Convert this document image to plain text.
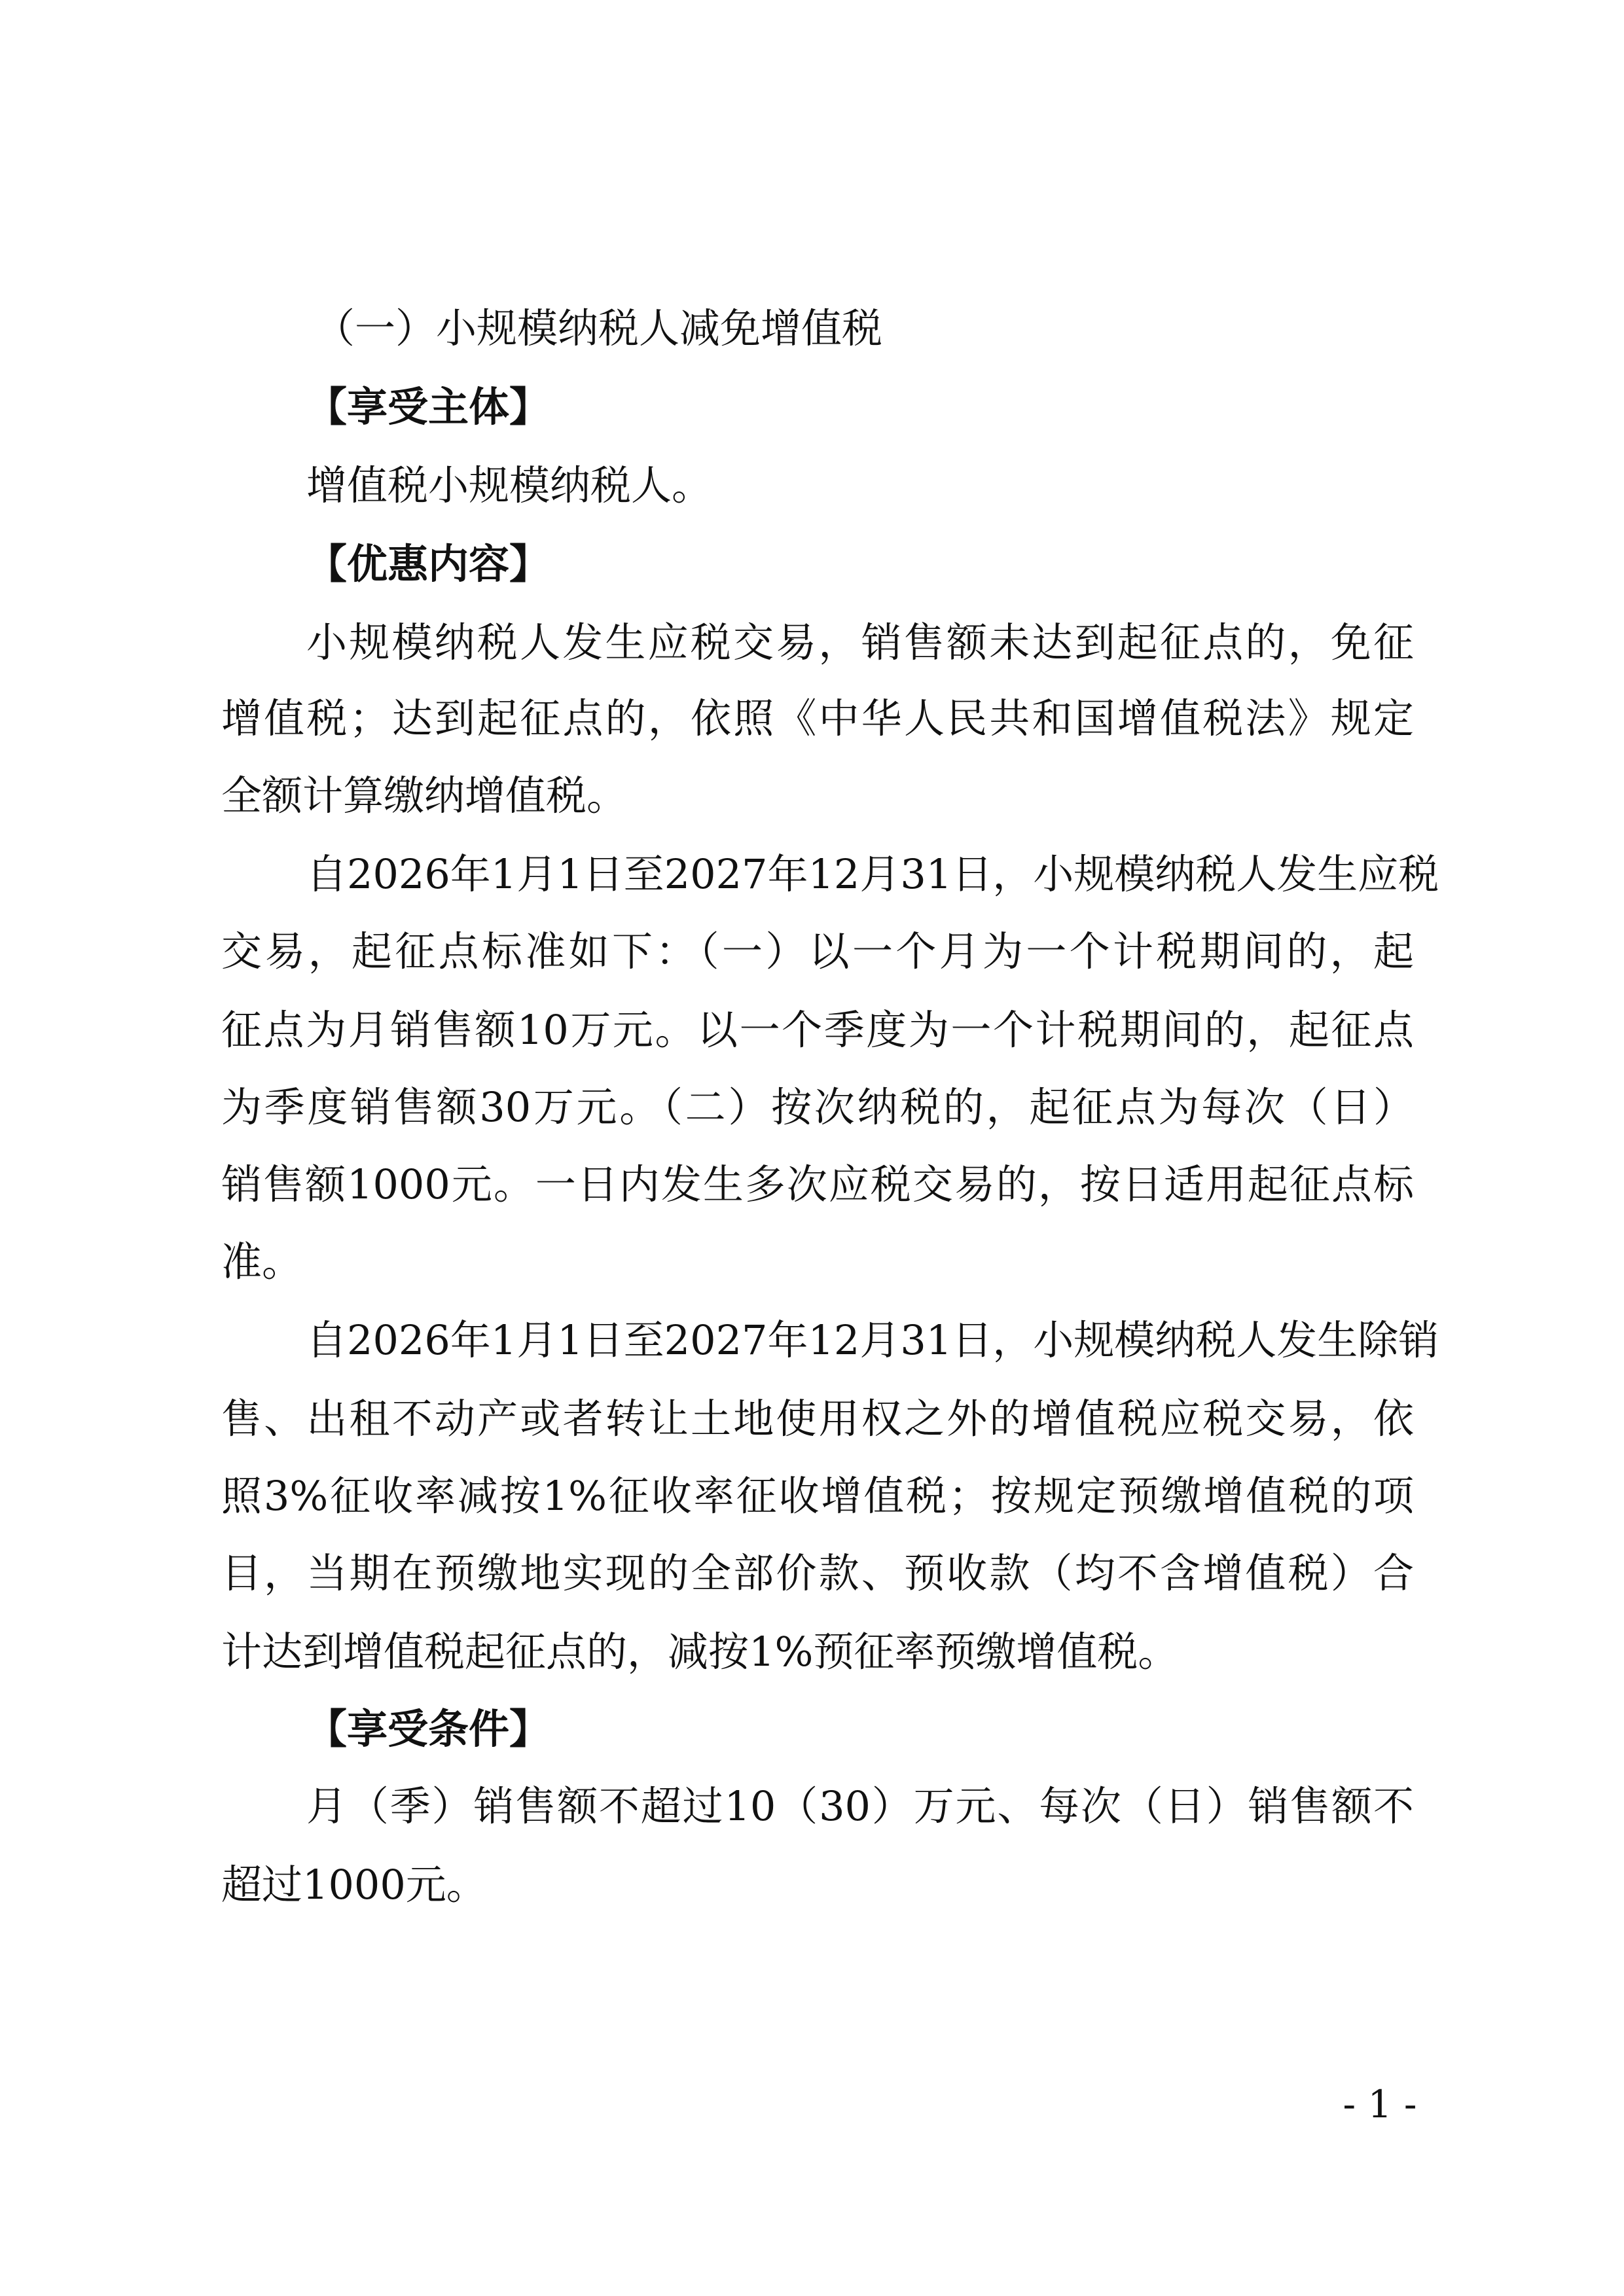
（一）小规模纳税人减免增值税
【享受主体】
增值税小规模纳税人。
【优惠内容】
小规模纳税人发生应税交易，销售额未达到起征点的，免征
增值税；达到起征点的，依照《中华人民共和国增值税法》规定
全额计算缴纳增值税。
自2026年1月1日至2027年12月31日，小规模纳税人发生应税
交易，起征点标准如下：（一）以一个月为一个计税期间的，起
征点为月销售额10万元。以一个季度为一个计税期间的，起征点
为季度销售额30万元。（二）按次纳税的，起征点为每次（日）
销售额1000元。一日内发生多次应税交易的，按日适用起征点标
准。
自2026年1月1日至2027年12月31日，小规模纳税人发生除销
售、出租不动产或者转让土地使用权之外的增值税应税交易，依
照3%征收率减按1%征收率征收增值税；按规定预缴增值税的项
目，当期在预缴地实现的全部价款、预收款（均不含增值税）合
计达到增值税起征点的，减按1%预征率预缴增值税。
【享受条件】
月（季）销售额不超过10（30）万元、每次（日）销售额不
超过1000元。
- 1 -
